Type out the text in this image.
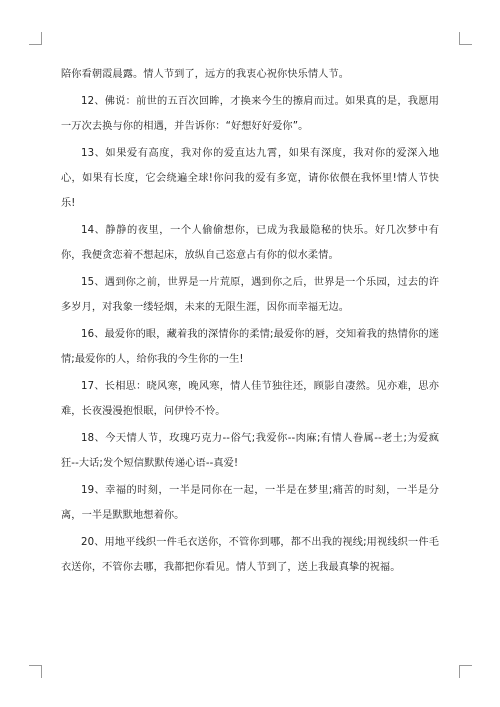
陪你看朝霞晨露。情人节到了，远方的我衷心祝你快乐情人节。

12、佛说：前世的五百次回眸，才换来今生的擦肩而过。如果真的是，我愿用一万次去换与你的相遇，并告诉你：“好想好好爱你”。

13、如果爱有高度，我对你的爱直达九霄，如果有深度，我对你的爱深入地心，如果有长度，它会绕遍全球!你问我的爱有多宽，请你依偎在我怀里!情人节快乐!

14、静静的夜里，一个人偷偷想你，已成为我最隐秘的快乐。好几次梦中有你，我便贪恋着不想起床，放纵自己恣意占有你的似水柔情。

15、遇到你之前，世界是一片荒原，遇到你之后，世界是一个乐园，过去的许多岁月，对我象一缕轻烟，未来的无限生涯，因你而幸福无边。

16、最爱你的眼，藏着我的深情你的柔情;最爱你的唇，交知着我的热情你的迷情;最爱你的人，给你我的今生你的一生!

17、长相思：晓风寒，晚风寒，情人佳节独往还，顾影自凄然。见亦难，思亦难，长夜漫漫抱恨眠，问伊怜不怜。

18、今天情人节，玫瑰巧克力--俗气;我爱你--肉麻;有情人眷属--老土;为爱疯狂--大话;发个短信默默传递心语--真爱!

19、幸福的时刻，一半是同你在一起，一半是在梦里;痛苦的时刻，一半是分离，一半是默默地想着你。

20、用地平线织一件毛衣送你，不管你到哪，都不出我的视线;用视线织一件毛衣送你，不管你去哪，我都把你看见。情人节到了，送上我最真挚的祝福。
